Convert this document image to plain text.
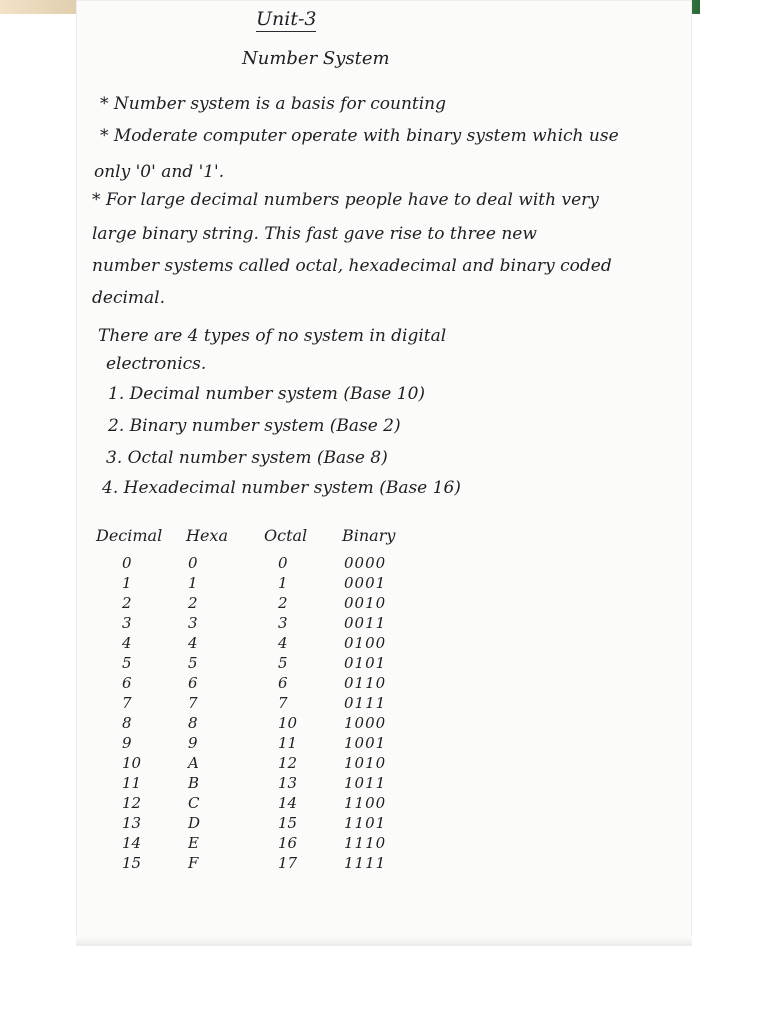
Unit-3
Number System
* Number system is a basis for counting
* Moderate computer operate with binary system which use
only '0' and '1'.
* For large decimal numbers people have to deal with very
large binary string. This fast gave rise to three new
number systems called octal, hexadecimal and binary coded
decimal.
There are 4 types of no system in digital
electronics.
1. Decimal number system (Base 10)
2. Binary number system (Base 2)
3. Octal number system (Base 8)
4. Hexadecimal number system (Base 16)
Decimal Hexa Octal Binary
0	0	0	0000
1	1	1	0001
2	2	2	0010
3	3	3	0011
4	4	4	0100
5	5	5	0101
6	6	6	0110
7	7	7	0111
8	8	10	1000
9	9	11	1001
10	A	12	1010
11	B	13	1011
12	C	14	1100
13	D	15	1101
14	E	16	1110
15	F	17	1111
